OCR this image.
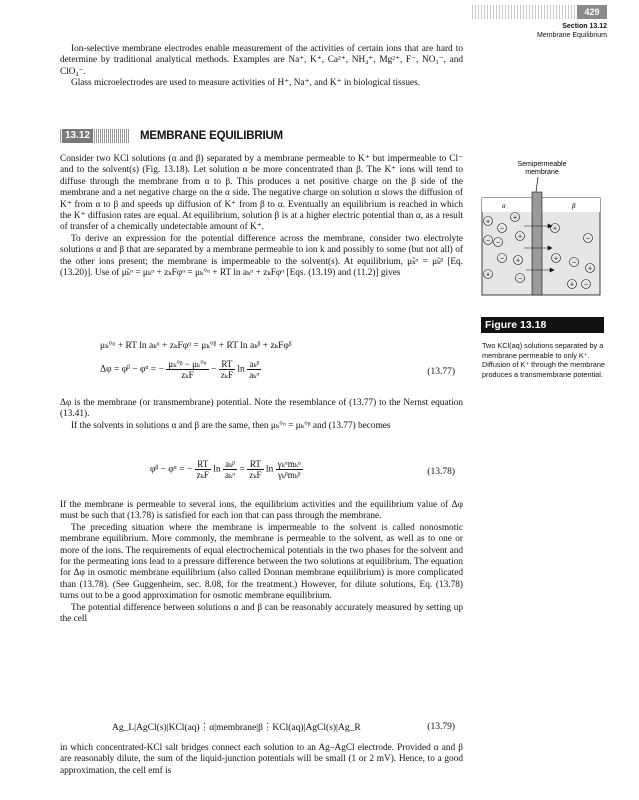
429
Section 13.12
Membrane Equilibrium

Ion-selective membrane electrodes enable measurement of the activities of certain ions that are hard to determine by traditional analytical methods. Examples are Na⁺, K⁺, Ca²⁺, NH₄⁺, Mg²⁺, F⁻, NO₃⁻, and ClO₄⁻.

Glass microelectrodes are used to measure activities of H⁺, Na⁺, and K⁺ in biological tissues.

13.12	MEMBRANE EQUILIBRIUM

Consider two KCl solutions (α and β) separated by a membrane permeable to K⁺ but impermeable to Cl⁻ and to the solvent(s) (Fig. 13.18). Let solution α be more concentrated than β. The K⁺ ions will tend to diffuse through the membrane from α to β. This produces a net positive charge on the β side of the membrane and a net negative charge on the α side. The negative charge on solution α slows the diffusion of K⁺ from α to β and speeds up diffusion of K⁺ from β to α. Eventually an equilibrium is reached in which the K⁺ diffusion rates are equal. At equilibrium, solution β is at a higher electric potential than α, as a result of transfer of a chemically undetectable amount of K⁺.

To derive an expression for the potential difference across the membrane, consider two electrolyte solutions α and β that are separated by a membrane permeable to ion k and possibly to some (but not all) of the other ions present; the membrane is impermeable to the solvent(s). At equilibrium, μ̃ₖᵅ = μ̃ₖᵝ [Eq. (13.20)]. Use of μ̃ₖᵅ = μₖᵅ + zₖFφᵅ = μₖ°ᵅ + RT ln aₖᵅ + zₖFφᵅ [Eqs. (13.19) and (11.2)] gives

μₖ°ᵅ + RT ln aₖᵅ + zₖFφᵅ = μₖ°ᵝ + RT ln aₖᵝ + zₖFφᵝ
Δφ = φᵝ − φᵅ = − $\frac{\text{μₖ°ᵝ − μₖ°ᵅ}}{\text{zₖF}} - \frac{RT}{\text{zₖF}}$ $\ln \frac{\text{aₖᵝ}}{\text{aₖᵅ}}$	(13.77)

Δφ is the membrane (or transmembrane) potential. Note the resemblance of (13.77) to the Nernst equation (13.41).

If the solvents in solutions α and β are the same, then μₖ°ᵅ = μₖ°ᵝ and (13.77) becomes

φᵝ − φᵅ = − $\frac{RT}{\text{zₖF}}$ $\ln \frac{\text{aₖᵝ}}{\text{aₖᵅ}} = \frac{RT}{\text{zₖF}}$ $\ln \frac{\text{γₖᵅmₖᵅ}}{\text{γₖᵝmₖᵝ}}$	(13.78)

If the membrane is permeable to several ions, the equilibrium activities and the equilibrium value of Δφ must be such that (13.78) is satisfied for each ion that can pass through the membrane.

The preceding situation where the membrane is impermeable to the solvent is called nonosmotic membrane equilibrium. More commonly, the membrane is permeable to the solvent, as well as to one or more of the ions. The requirements of equal electrochemical potentials in the two phases for the solvent and for the permeating ions lead to a pressure difference between the two solutions at equilibrium. The equation for Δφ in osmotic membrane equilibrium (also called Donnan membrane equilibrium) is more complicated than (13.78). (See Guggenheim, sec. 8.08, for the treatment.) However, for dilute solutions, Eq. (13.78) turns out to be a good approximation for osmotic membrane equilibrium.

The potential difference between solutions α and β can be reasonably accurately measured by setting up the cell

Ag_L|AgCl(s)|KCl(aq)⋮α|membrane|β⋮KCl(aq)|AgCl(s)|Ag_R	(13.79)

in which concentrated-KCl salt bridges connect each solution to an Ag–AgCl electrode. Provided α and β are reasonably dilute, the sum of the liquid-junction potentials will be small (1 or 2 mV). Hence, to a good approximation, the cell emf is

Semipermeable membrane
α	β
+
−
+
− −
+
− +
+
−
+
−
+
−
+
+ −
Figure 13.18
Two KCl(aq) solutions separated by a membrane permeable to only K⁺. Diffusion of K⁺ through the membrane produces a transmembrane potential.
